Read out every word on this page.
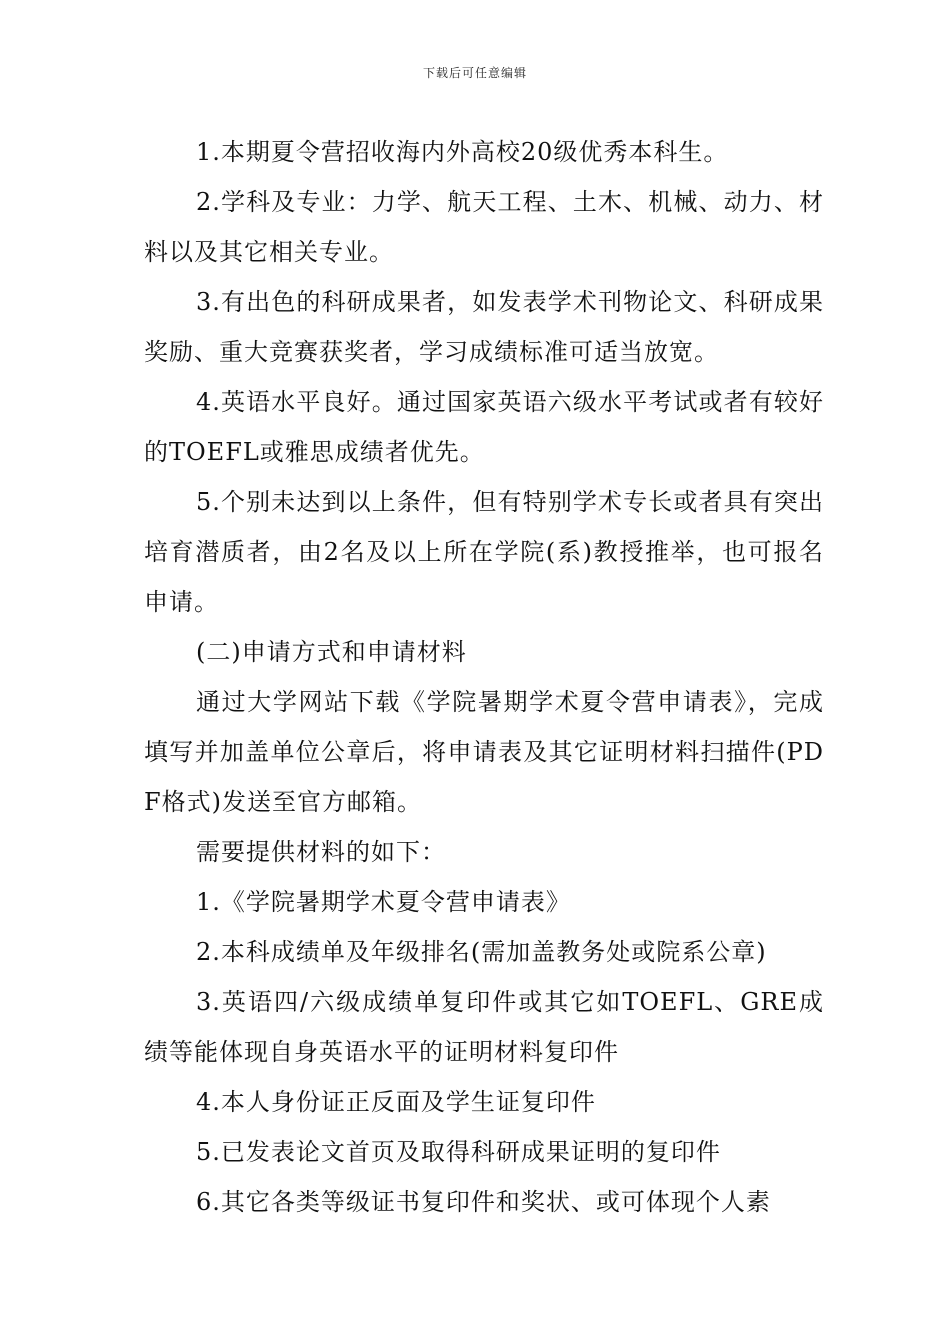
下载后可任意编辑

1.本期夏令营招收海内外高校20级优秀本科生。

2.学科及专业：力学、航天工程、土木、机械、动力、材料以及其它相关专业。

3.有出色的科研成果者，如发表学术刊物论文、科研成果奖励、重大竞赛获奖者，学习成绩标准可适当放宽。

4.英语水平良好。通过国家英语六级水平考试或者有较好的TOEFL或雅思成绩者优先。

5.个别未达到以上条件，但有特别学术专长或者具有突出培育潜质者，由2名及以上所在学院(系)教授推举，也可报名申请。

(二)申请方式和申请材料

通过大学网站下载《学院暑期学术夏令营申请表》，完成填写并加盖单位公章后，将申请表及其它证明材料扫描件(PDF格式)发送至官方邮箱。

需要提供材料的如下：

1.《学院暑期学术夏令营申请表》

2.本科成绩单及年级排名(需加盖教务处或院系公章)

3.英语四/六级成绩单复印件或其它如TOEFL、GRE成绩等能体现自身英语水平的证明材料复印件

4.本人身份证正反面及学生证复印件

5.已发表论文首页及取得科研成果证明的复印件

6.其它各类等级证书复印件和奖状、或可体现个人素
